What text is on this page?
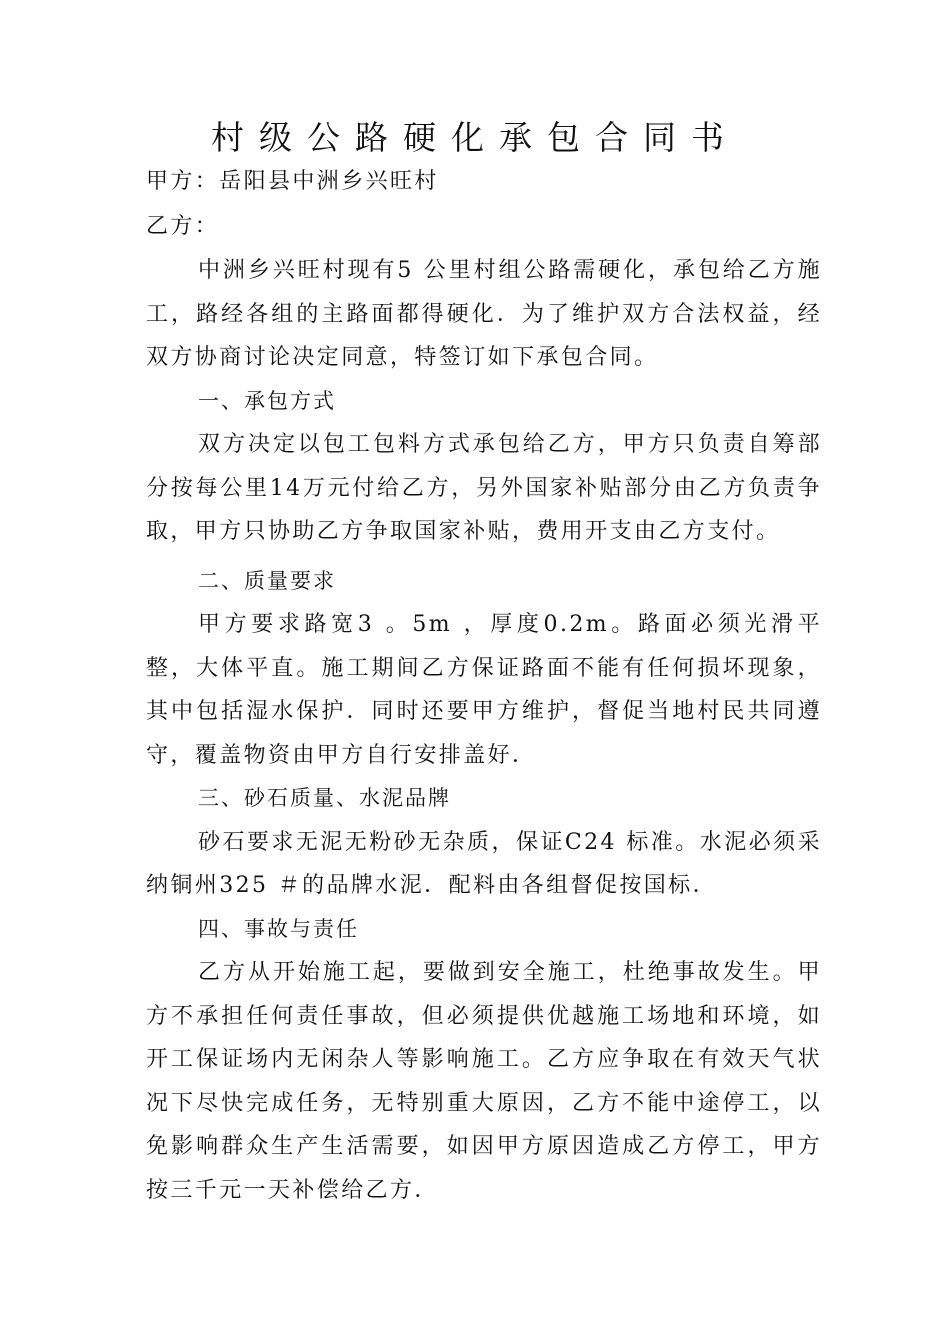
村级公路硬化承包合同书

甲方：岳阳县中洲乡兴旺村

乙方：

中洲乡兴旺村现有5 公里村组公路需硬化，承包给乙方施工，路经各组的主路面都得硬化．为了维护双方合法权益，经双方协商讨论决定同意，特签订如下承包合同。

一、承包方式

双方决定以包工包料方式承包给乙方，甲方只负责自筹部分按每公里14万元付给乙方，另外国家补贴部分由乙方负责争取，甲方只协助乙方争取国家补贴，费用开支由乙方支付。

二、质量要求

甲方要求路宽3 。5m ，厚度0.2m。路面必须光滑平整，大体平直。施工期间乙方保证路面不能有任何损坏现象，其中包括湿水保护．同时还要甲方维护，督促当地村民共同遵守，覆盖物资由甲方自行安排盖好．

三、砂石质量、水泥品牌

砂石要求无泥无粉砂无杂质，保证C24 标准。水泥必须采纳铜州325 ＃的品牌水泥．配料由各组督促按国标．

四、事故与责任

乙方从开始施工起，要做到安全施工，杜绝事故发生。甲方不承担任何责任事故，但必须提供优越施工场地和环境，如开工保证场内无闲杂人等影响施工。乙方应争取在有效天气状况下尽快完成任务，无特别重大原因，乙方不能中途停工，以免影响群众生产生活需要，如因甲方原因造成乙方停工，甲方按三千元一天补偿给乙方．
